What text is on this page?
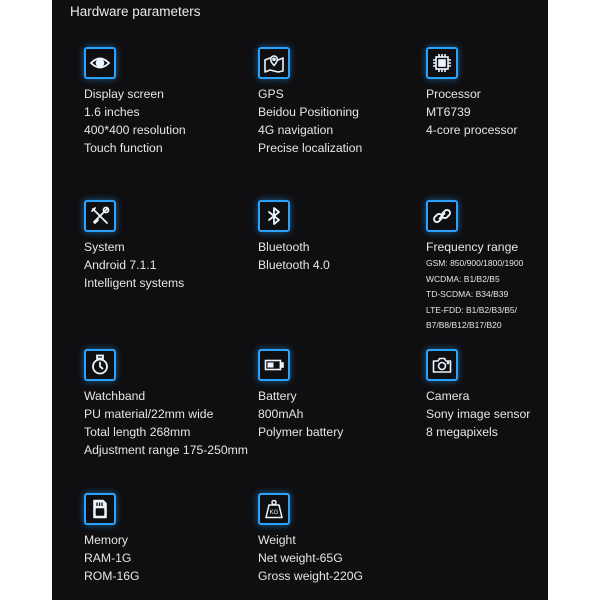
Hardware parameters
Display screen
1.6 inches
400*400 resolution
Touch function
GPS
Beidou Positioning
4G navigation
Precise localization
Processor
MT6739
4-core processor
System
Android 7.1.1
Intelligent systems
Bluetooth
Bluetooth 4.0
Frequency range
GSM: 850/900/1800/1900
WCDMA: B1/B2/B5
TD-SCDMA: B34/B39
LTE-FDD: B1/B2/B3/B5/
B7/B8/B12/B17/B20
Watchband
PU material/22mm wide
Total length 268mm
Adjustment range 175-250mm
Battery
800mAh
Polymer battery
Camera
Sony image sensor
8 megapixels
Memory
RAM-1G
ROM-16G
KG
Weight
Net weight-65G
Gross weight-220G
